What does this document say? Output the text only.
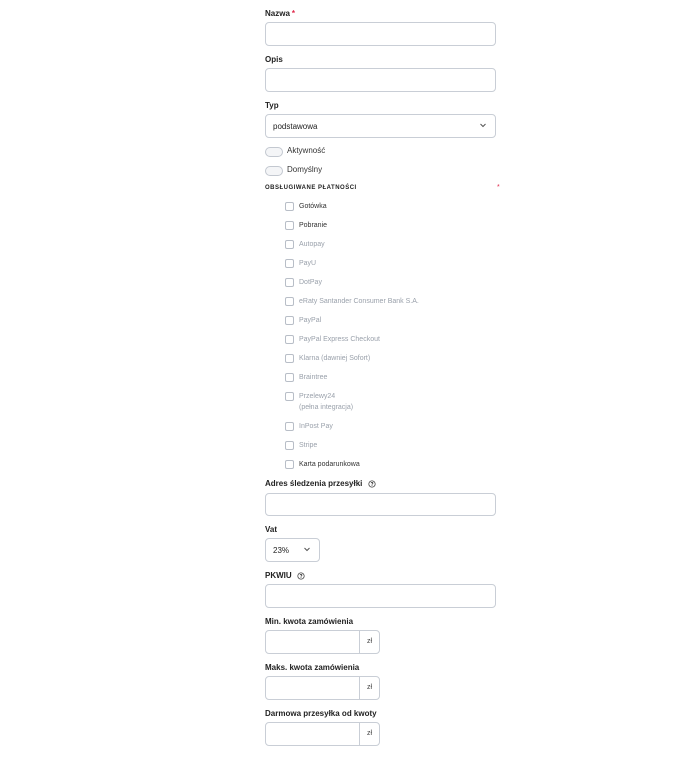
Nazwa *
Opis
Typ
podstawowa
Aktywność
Domyślny
OBSŁUGIWANE PŁATNOŚCI	*
Gotówka
Pobranie
Autopay
PayU
DotPay
eRaty Santander Consumer Bank S.A.
PayPal
PayPal Express Checkout
Klarna (dawniej Sofort)
Braintree
Przelewy24
(pełna integracja)
InPost Pay
Stripe
Karta podarunkowa
Adres śledzenia przesyłki
Vat
23%
PKWIU
Min. kwota zamówienia
zł
Maks. kwota zamówienia
zł
Darmowa przesyłka od kwoty
zł
